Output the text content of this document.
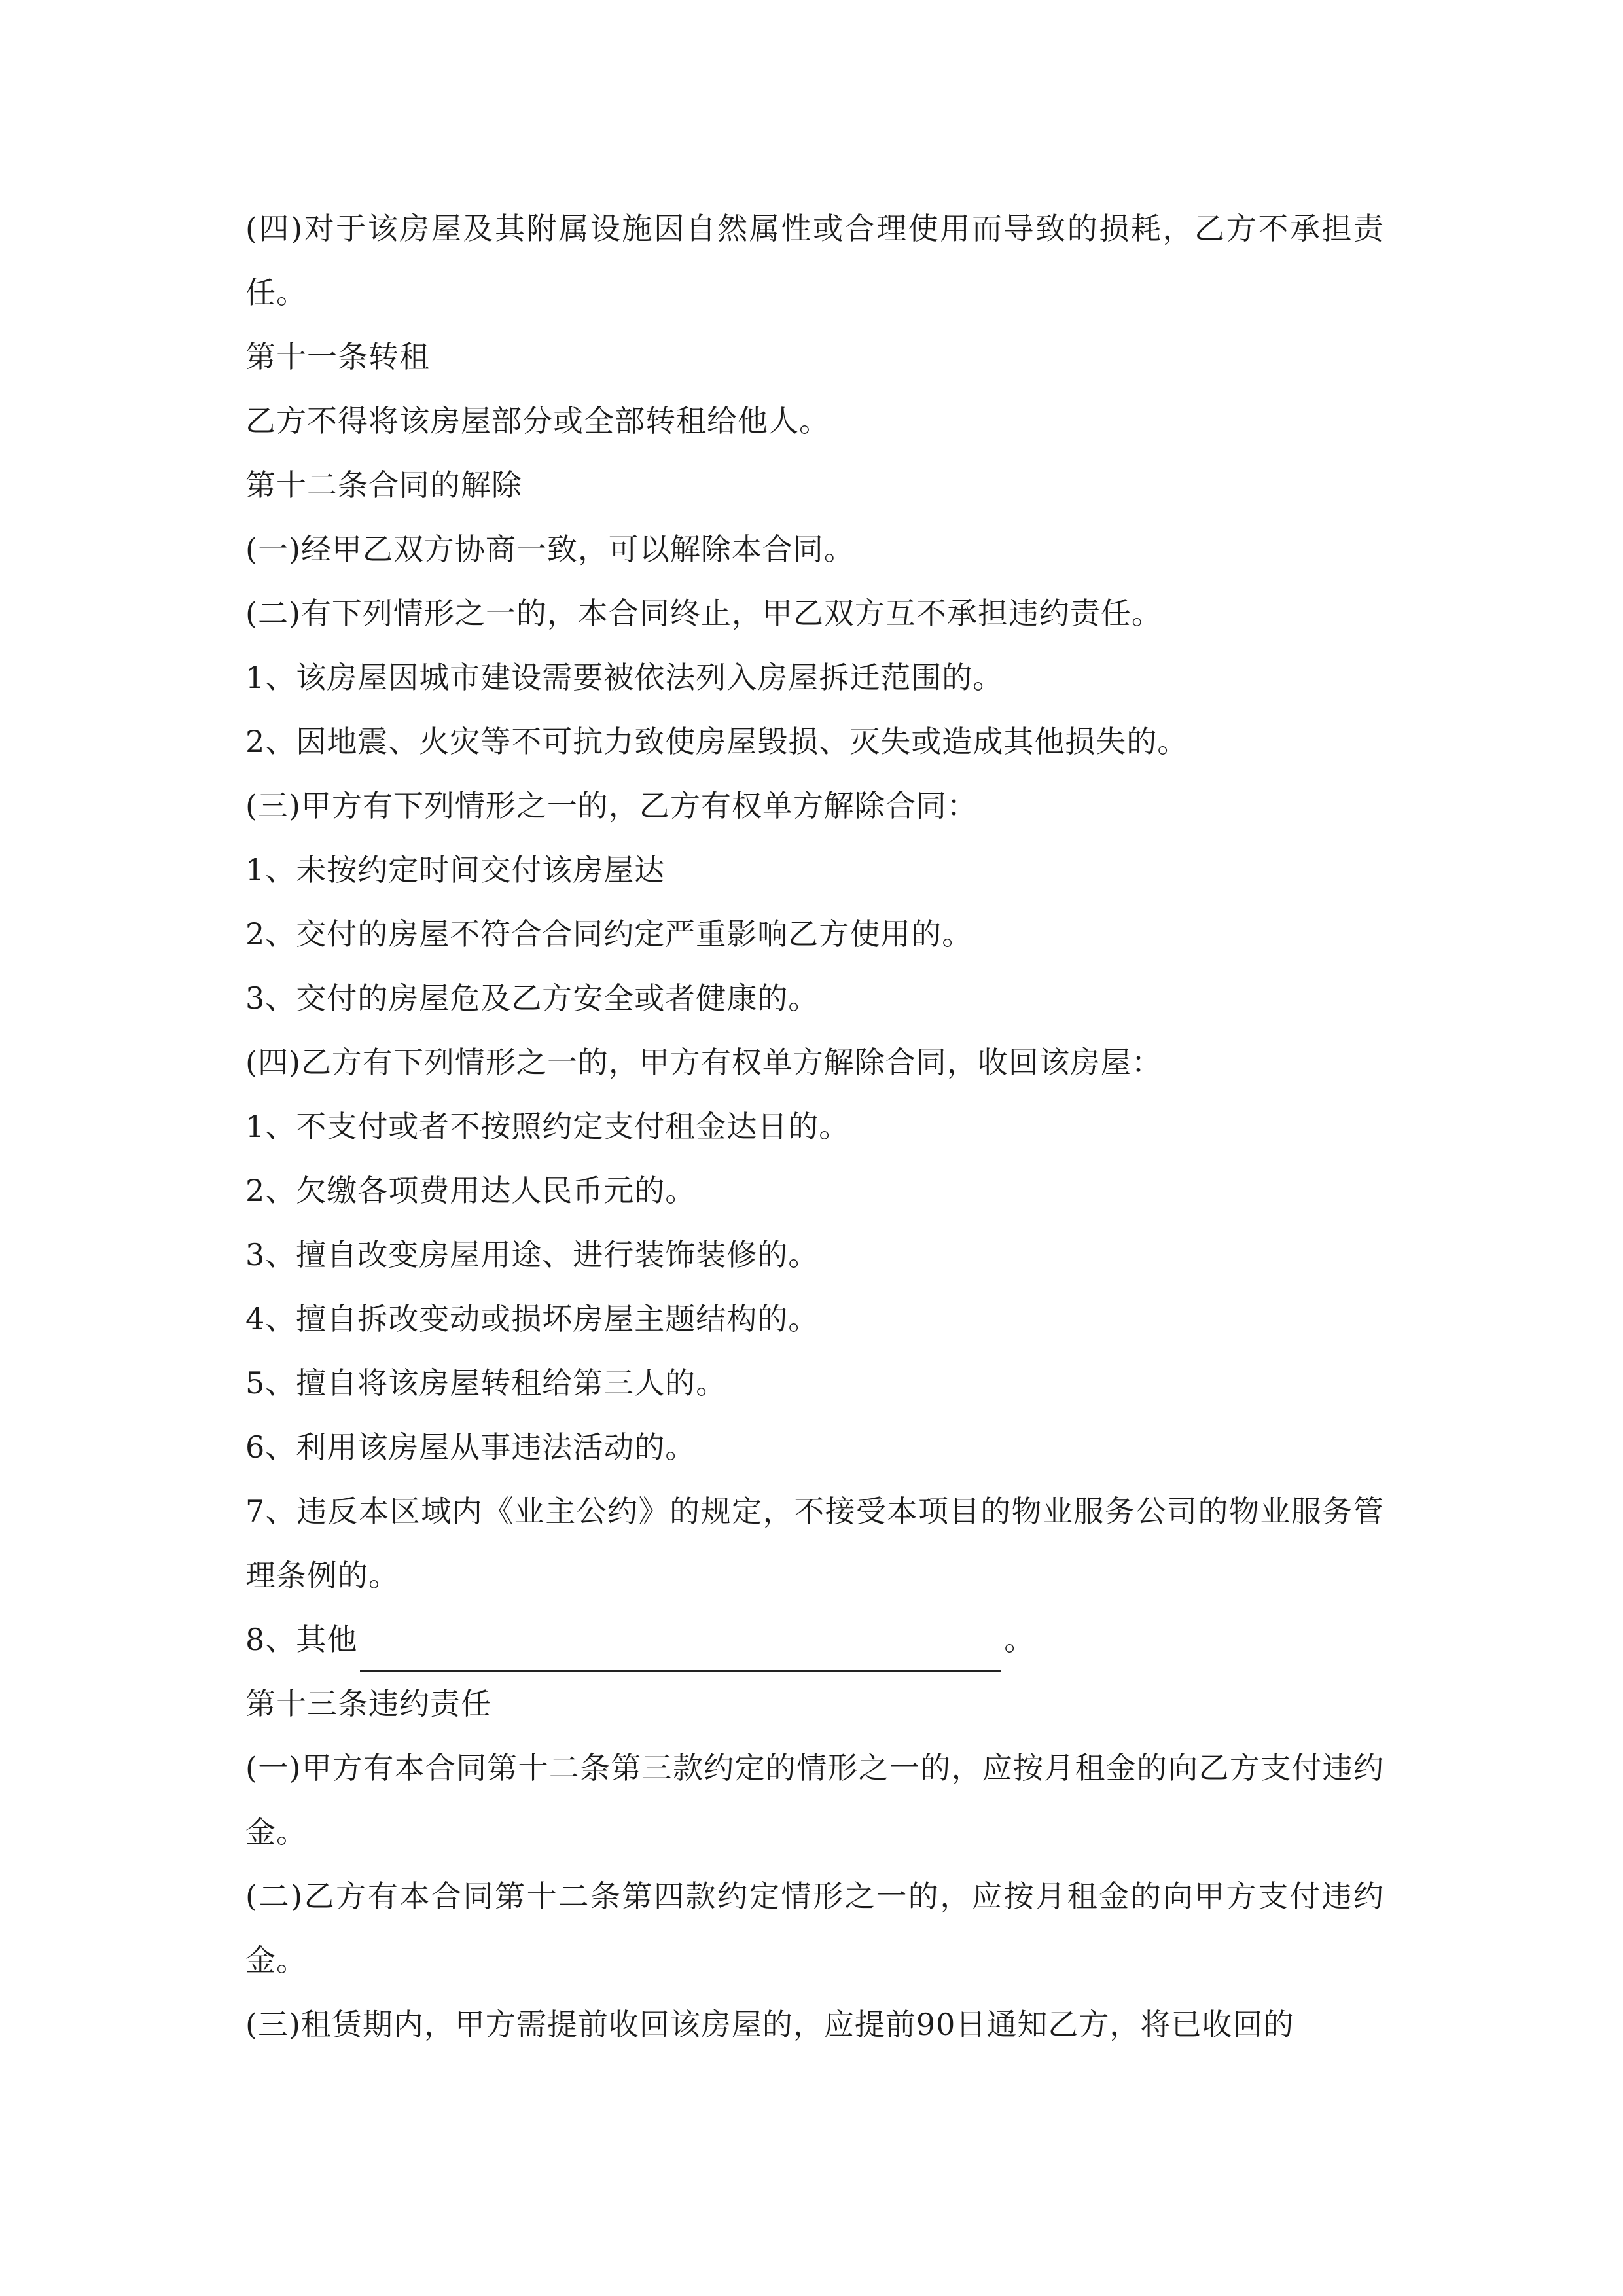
(四)对于该房屋及其附属设施因自然属性或合理使用而导致的损耗，乙方不承担责任。

第十一条转租

乙方不得将该房屋部分或全部转租给他人。

第十二条合同的解除

(一)经甲乙双方协商一致，可以解除本合同。

(二)有下列情形之一的，本合同终止，甲乙双方互不承担违约责任。

1、该房屋因城市建设需要被依法列入房屋拆迁范围的。

2、因地震、火灾等不可抗力致使房屋毁损、灭失或造成其他损失的。

(三)甲方有下列情形之一的，乙方有权单方解除合同：

1、未按约定时间交付该房屋达

2、交付的房屋不符合合同约定严重影响乙方使用的。

3、交付的房屋危及乙方安全或者健康的。

(四)乙方有下列情形之一的，甲方有权单方解除合同，收回该房屋：

1、不支付或者不按照约定支付租金达日的。

2、欠缴各项费用达人民币元的。

3、擅自改变房屋用途、进行装饰装修的。

4、擅自拆改变动或损坏房屋主题结构的。

5、擅自将该房屋转租给第三人的。

6、利用该房屋从事违法活动的。

7、违反本区域内《业主公约》的规定，不接受本项目的物业服务公司的物业服务管理条例的。

8、其他	。

第十三条违约责任

(一)甲方有本合同第十二条第三款约定的情形之一的，应按月租金的向乙方支付违约金。

(二)乙方有本合同第十二条第四款约定情形之一的，应按月租金的向甲方支付违约金。

(三)租赁期内，甲方需提前收回该房屋的，应提前90日通知乙方，将已收回的
